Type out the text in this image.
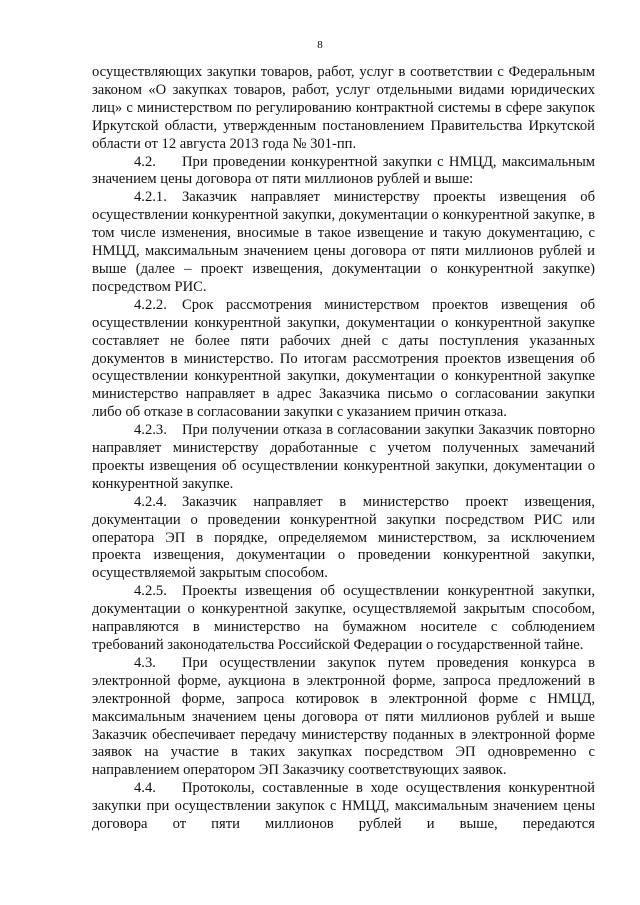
8

осуществляющих закупки товаров, работ, услуг в соответствии с Федеральным законом «О закупках товаров, работ, услуг отдельными видами юридических лиц» с министерством по регулированию контрактной системы в сфере закупок Иркутской области, утвержденным постановлением Правительства Иркутской области от 12 августа 2013 года № 301-пп.

4.2. При проведении конкурентной закупки с НМЦД, максимальным значением цены договора от пяти миллионов рублей и выше:

4.2.1. Заказчик направляет министерству проекты извещения об осуществлении конкурентной закупки, документации о конкурентной закупке, в том числе изменения, вносимые в такое извещение и такую документацию, с НМЦД, максимальным значением цены договора от пяти миллионов рублей и выше (далее – проект извещения, документации о конкурентной закупке) посредством РИС.

4.2.2. Срок рассмотрения министерством проектов извещения об осуществлении конкурентной закупки, документации о конкурентной закупке составляет не более пяти рабочих дней с даты поступления указанных документов в министерство. По итогам рассмотрения проектов извещения об осуществлении конкурентной закупки, документации о конкурентной закупке министерство направляет в адрес Заказчика письмо о согласовании закупки либо об отказе в согласовании закупки с указанием причин отказа.

4.2.3. При получении отказа в согласовании закупки Заказчик повторно направляет министерству доработанные с учетом полученных замечаний проекты извещения об осуществлении конкурентной закупки, документации о конкурентной закупке.

4.2.4. Заказчик направляет в министерство проект извещения, документации о проведении конкурентной закупки посредством РИС или оператора ЭП в порядке, определяемом министерством, за исключением проекта извещения, документации о проведении конкурентной закупки, осуществляемой закрытым способом.

4.2.5. Проекты извещения об осуществлении конкурентной закупки, документации о конкурентной закупке, осуществляемой закрытым способом, направляются в министерство на бумажном носителе с соблюдением требований законодательства Российской Федерации о государственной тайне.

4.3. При осуществлении закупок путем проведения конкурса в электронной форме, аукциона в электронной форме, запроса предложений в электронной форме, запроса котировок в электронной форме с НМЦД, максимальным значением цены договора от пяти миллионов рублей и выше Заказчик обеспечивает передачу министерству поданных в электронной форме заявок на участие в таких закупках посредством ЭП одновременно с направлением оператором ЭП Заказчику соответствующих заявок.

4.4. Протоколы, составленные в ходе осуществления конкурентной закупки при осуществлении закупок с НМЦД, максимальным значением цены договора от пяти миллионов рублей и выше, передаются
